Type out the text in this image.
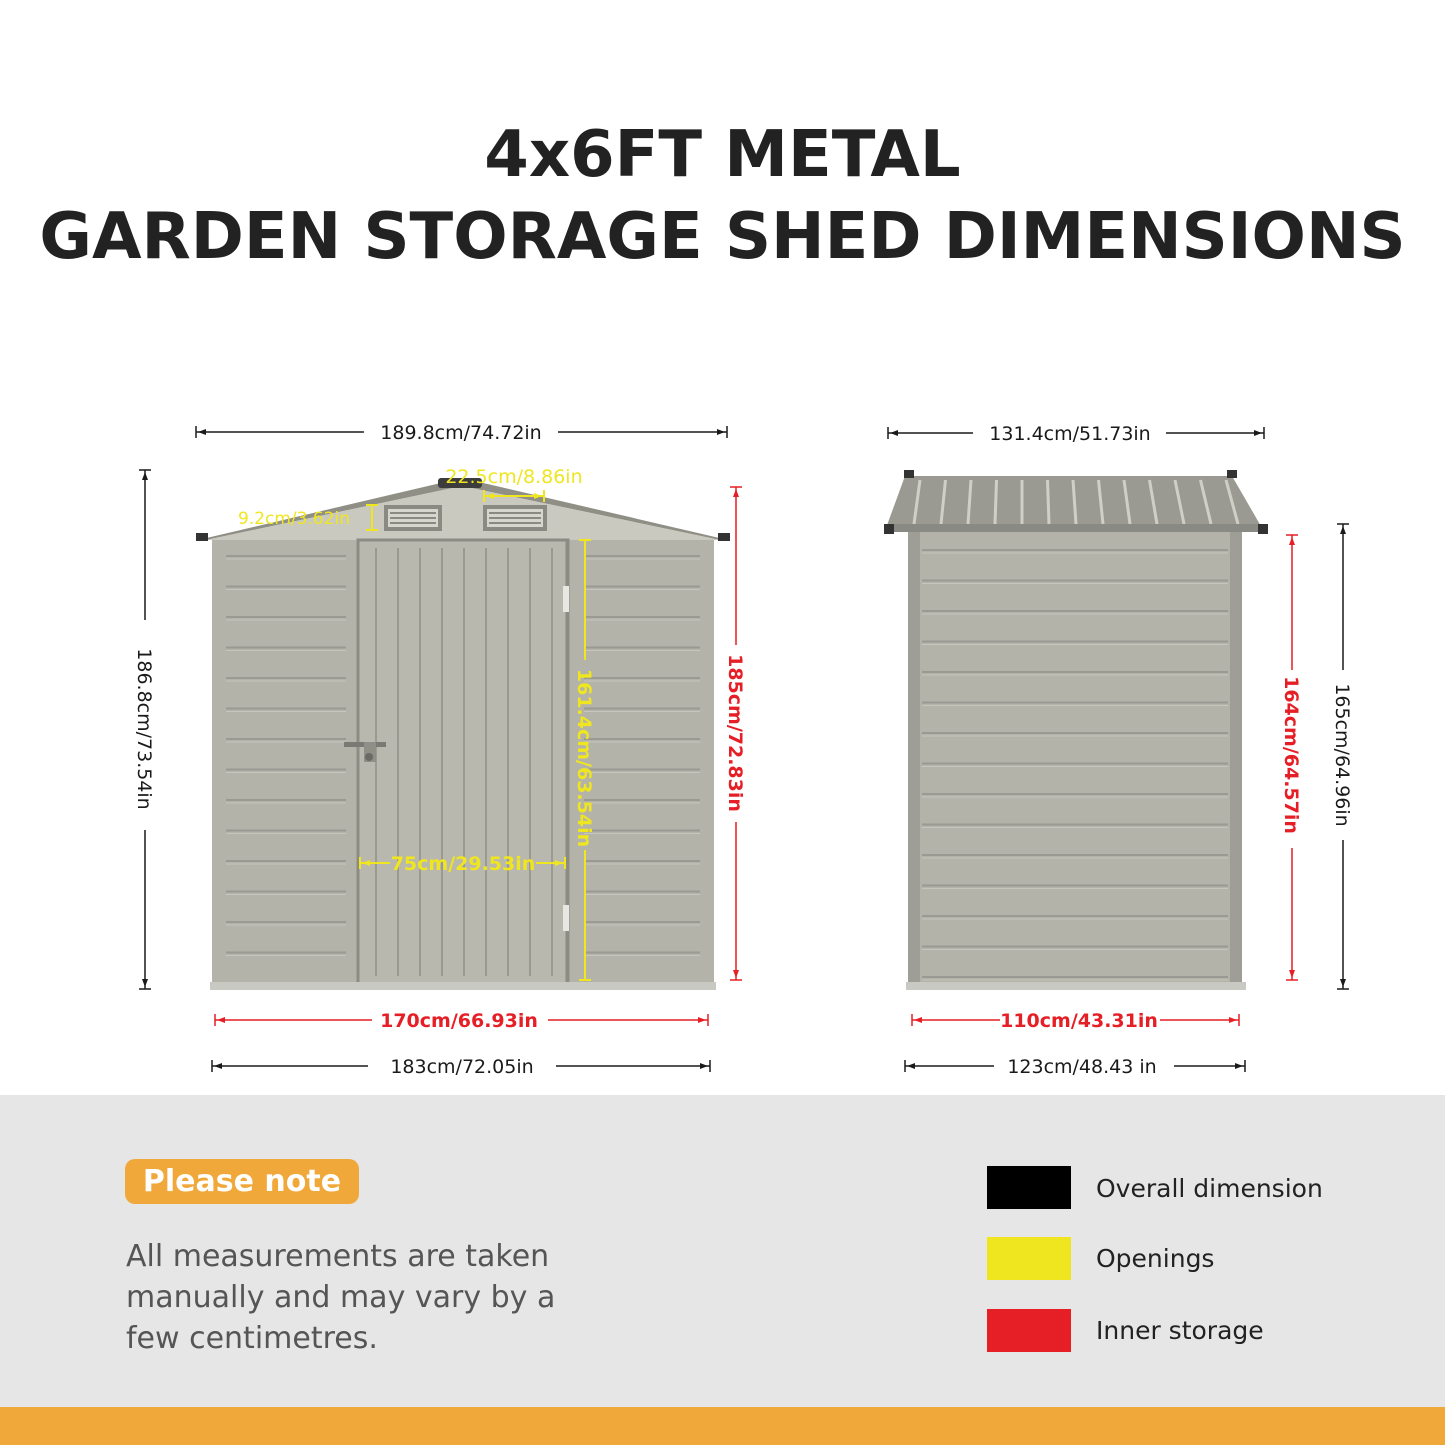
4x6FT METAL
GARDEN STORAGE SHED DIMENSIONS
189.8cm/74.72in
22.5cm/8.86in
9.2cm/3.62in
186.8cm/73.54in	185cm/72.83in
161.4cm/63.54in
75cm/29.53in
170cm/66.93in
183cm/72.05in
131.4cm/51.73in
164cm/64.57in 165cm/64.96in
110cm/43.31in
123cm/48.43 in
Please note
All measurements are taken manually and may vary by a few centimetres.
Overall dimension
Openings
Inner storage
